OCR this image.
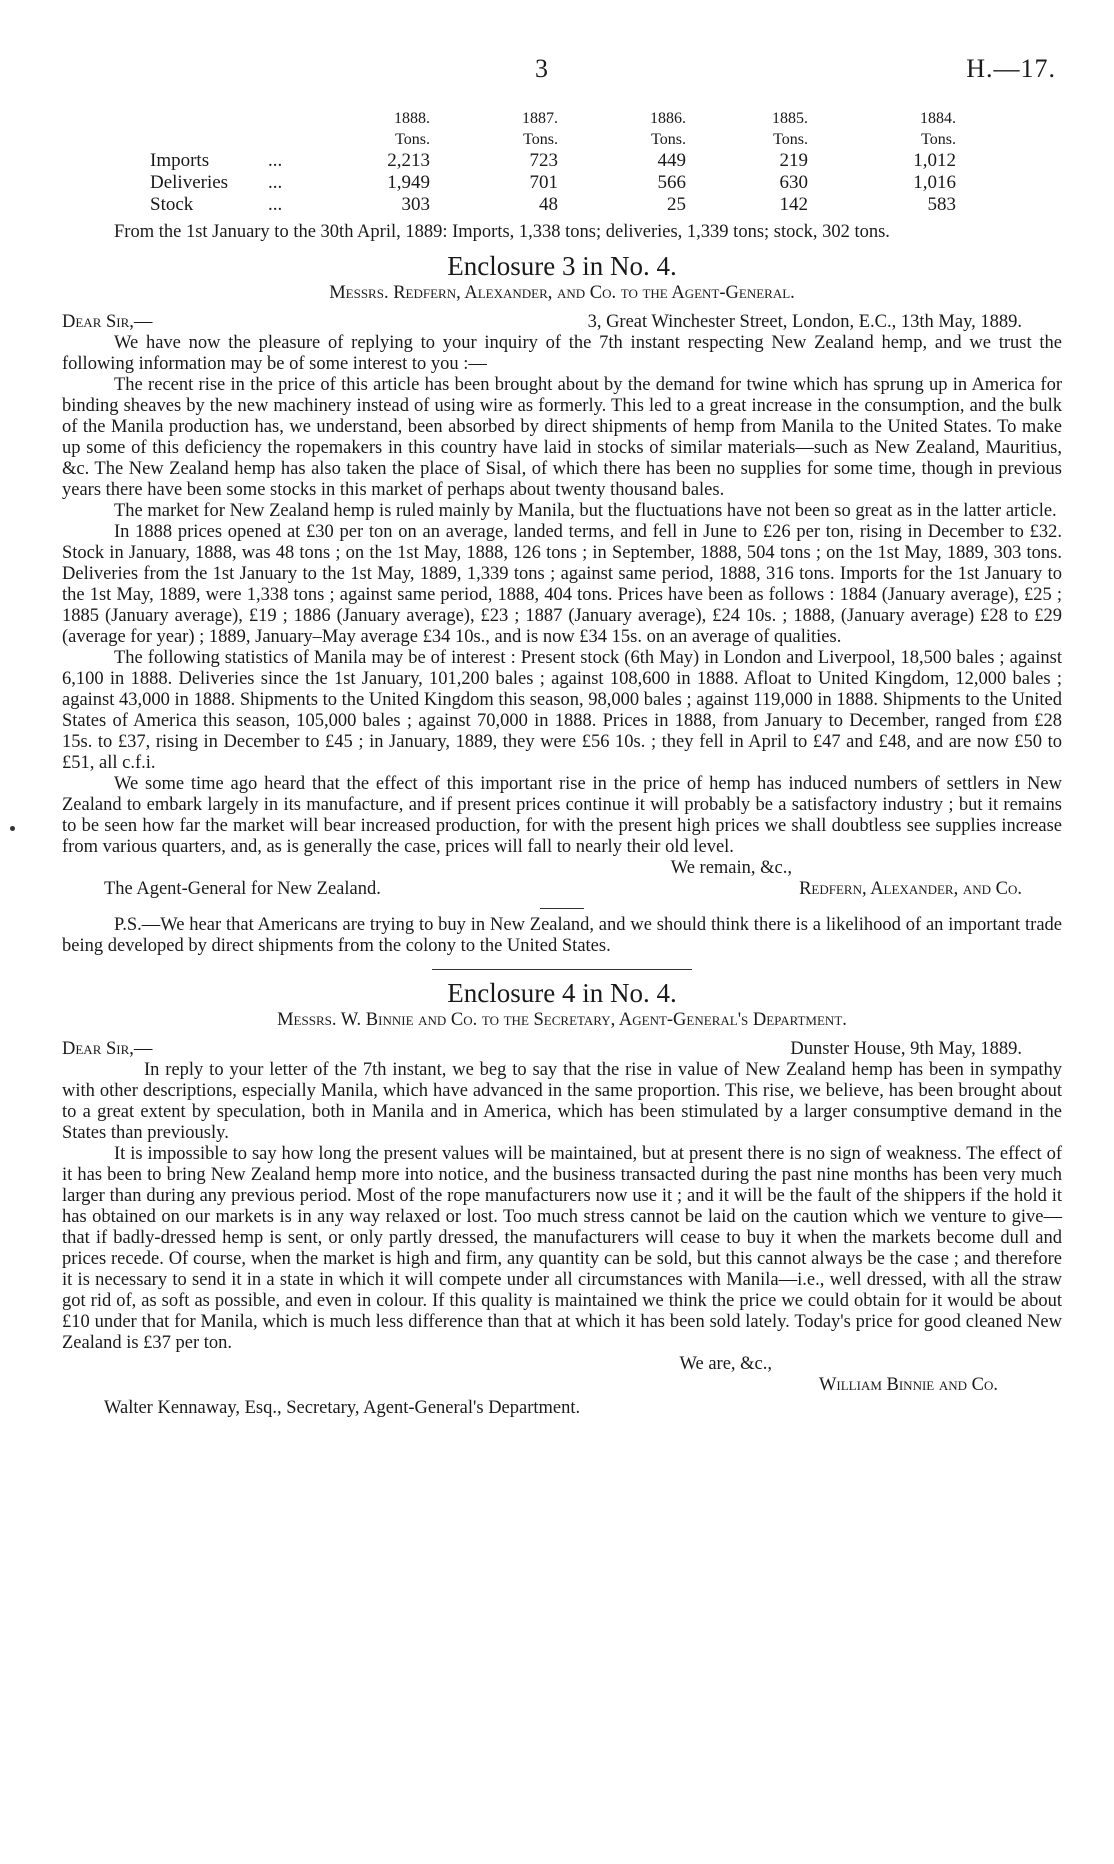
3	H.—17.
		1888.	1887.	1886.	1885.	1884.
		Tons.	Tons.	Tons.	Tons.	Tons.
Imports	...	2,213	723	449	219	1,012
Deliveries	...	1,949	701	566	630	1,016
Stock	...	303	48	25	142	583

From the 1st January to the 30th April, 1889: Imports, 1,338 tons; deliveries, 1,339 tons; stock, 302 tons.

Enclosure 3 in No. 4.
Messrs. Redfern, Alexander, and Co. to the Agent-General.
Dear Sir,—	3, Great Winchester Street, London, E.C., 13th May, 1889.

We have now the pleasure of replying to your inquiry of the 7th instant respecting New Zealand hemp, and we trust the following information may be of some interest to you :—

The recent rise in the price of this article has been brought about by the demand for twine which has sprung up in America for binding sheaves by the new machinery instead of using wire as formerly. This led to a great increase in the consumption, and the bulk of the Manila production has, we understand, been absorbed by direct shipments of hemp from Manila to the United States. To make up some of this deficiency the ropemakers in this country have laid in stocks of similar materials—such as New Zealand, Mauritius, &c. The New Zealand hemp has also taken the place of Sisal, of which there has been no supplies for some time, though in previous years there have been some stocks in this market of perhaps about twenty thousand bales.

The market for New Zealand hemp is ruled mainly by Manila, but the fluctuations have not been so great as in the latter article.

In 1888 prices opened at £30 per ton on an average, landed terms, and fell in June to £26 per ton, rising in December to £32. Stock in January, 1888, was 48 tons ; on the 1st May, 1888, 126 tons ; in September, 1888, 504 tons ; on the 1st May, 1889, 303 tons. Deliveries from the 1st January to the 1st May, 1889, 1,339 tons ; against same period, 1888, 316 tons. Imports for the 1st January to the 1st May, 1889, were 1,338 tons ; against same period, 1888, 404 tons. Prices have been as follows : 1884 (January average), £25 ; 1885 (January average), £19 ; 1886 (January average), £23 ; 1887 (January average), £24 10s. ; 1888, (January average) £28 to £29 (average for year) ; 1889, January–May average £34 10s., and is now £34 15s. on an average of qualities.

The following statistics of Manila may be of interest : Present stock (6th May) in London and Liverpool, 18,500 bales ; against 6,100 in 1888. Deliveries since the 1st January, 101,200 bales ; against 108,600 in 1888. Afloat to United Kingdom, 12,000 bales ; against 43,000 in 1888. Shipments to the United Kingdom this season, 98,000 bales ; against 119,000 in 1888. Shipments to the United States of America this season, 105,000 bales ; against 70,000 in 1888. Prices in 1888, from January to December, ranged from £28 15s. to £37, rising in December to £45 ; in January, 1889, they were £56 10s. ; they fell in April to £47 and £48, and are now £50 to £51, all c.f.i.

We some time ago heard that the effect of this important rise in the price of hemp has induced numbers of settlers in New Zealand to embark largely in its manufacture, and if present prices continue it will probably be a satisfactory industry ; but it remains to be seen how far the market will bear increased production, for with the present high prices we shall doubtless see supplies increase from various quarters, and, as is generally the case, prices will fall to nearly their old level.

We remain, &c.,
The Agent-General for New Zealand.	Redfern, Alexander, and Co.

P.S.—We hear that Americans are trying to buy in New Zealand, and we should think there is a likelihood of an important trade being developed by direct shipments from the colony to the United States.

Enclosure 4 in No. 4.
Messrs. W. Binnie and Co. to the Secretary, Agent-General's Department.
Dear Sir,—	Dunster House, 9th May, 1889.

In reply to your letter of the 7th instant, we beg to say that the rise in value of New Zealand hemp has been in sympathy with other descriptions, especially Manila, which have advanced in the same proportion. This rise, we believe, has been brought about to a great extent by speculation, both in Manila and in America, which has been stimulated by a larger consumptive demand in the States than previously.

It is impossible to say how long the present values will be maintained, but at present there is no sign of weakness. The effect of it has been to bring New Zealand hemp more into notice, and the business transacted during the past nine months has been very much larger than during any previous period. Most of the rope manufacturers now use it ; and it will be the fault of the shippers if the hold it has obtained on our markets is in any way relaxed or lost. Too much stress cannot be laid on the caution which we venture to give—that if badly-dressed hemp is sent, or only partly dressed, the manufacturers will cease to buy it when the markets become dull and prices recede. Of course, when the market is high and firm, any quantity can be sold, but this cannot always be the case ; and therefore it is necessary to send it in a state in which it will compete under all circumstances with Manila—i.e., well dressed, with all the straw got rid of, as soft as possible, and even in colour. If this quality is maintained we think the price we could obtain for it would be about £10 under that for Manila, which is much less difference than that at which it has been sold lately. Today's price for good cleaned New Zealand is £37 per ton.

We are, &c.,
William Binnie and Co.
Walter Kennaway, Esq., Secretary, Agent-General's Department.
